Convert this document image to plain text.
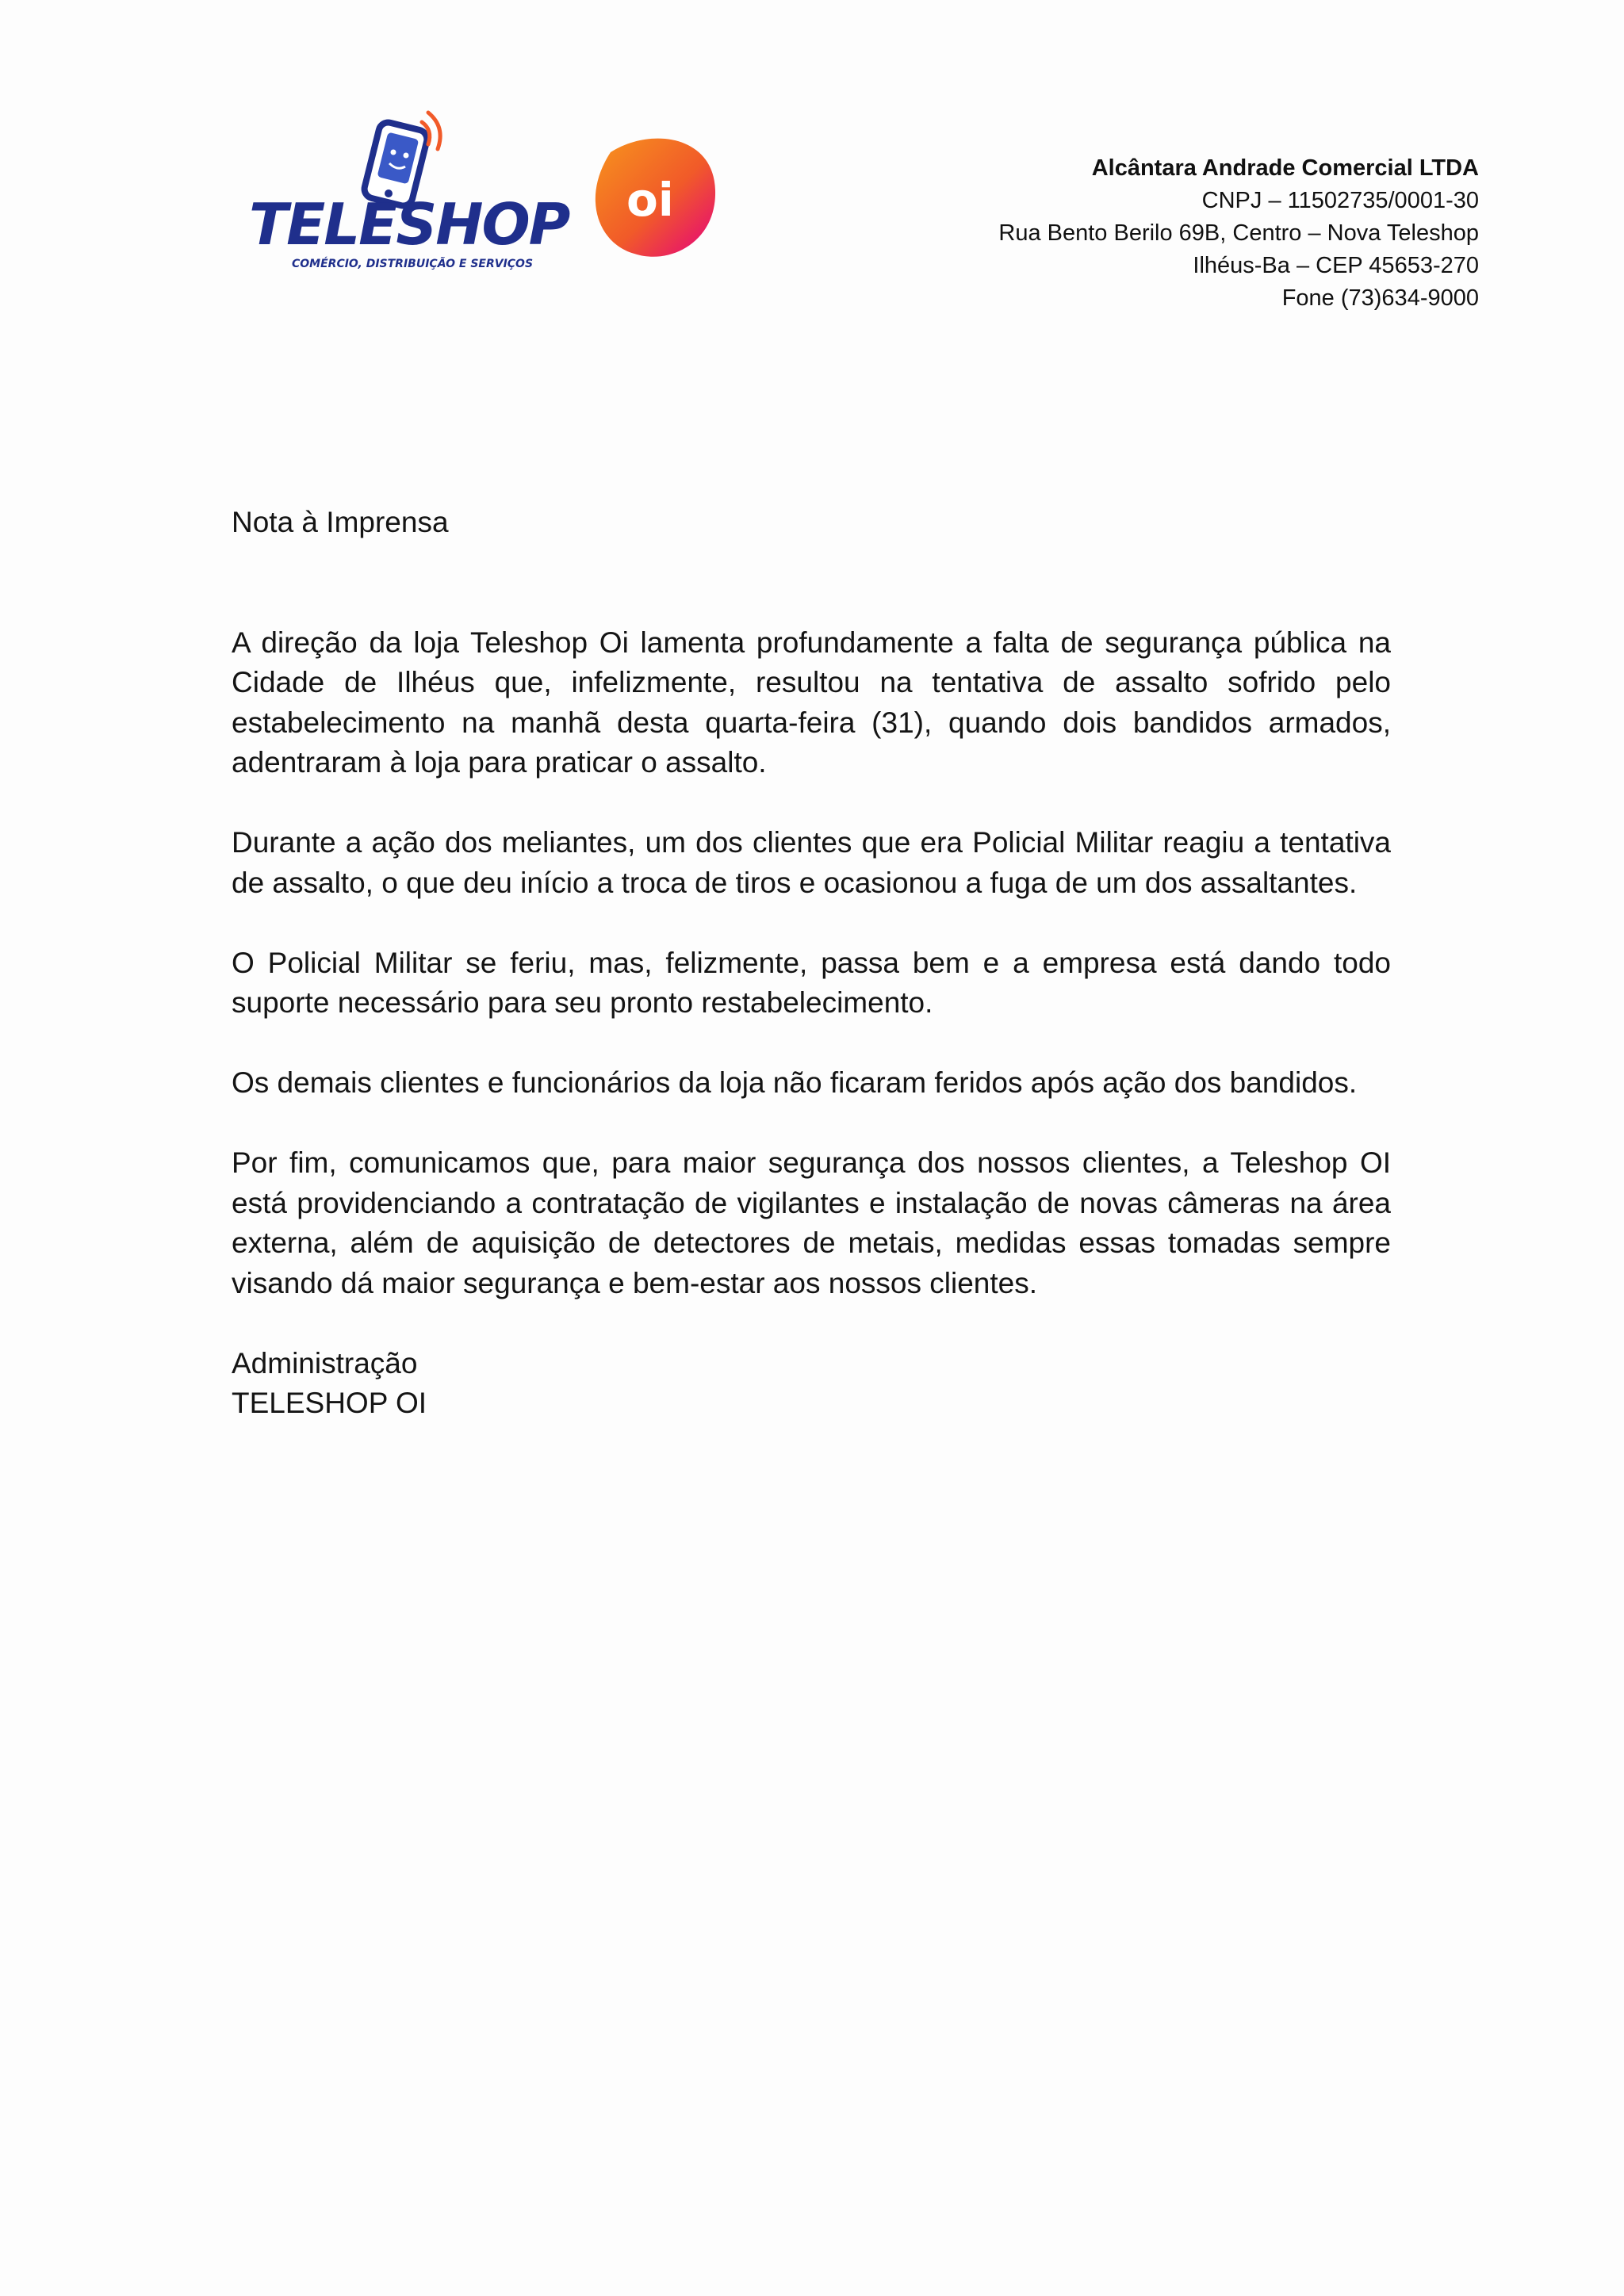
TELESHOP
COMÉRCIO, DISTRIBUIÇÃO E SERVIÇOS
oi
Alcântara Andrade Comercial LTDA
CNPJ – 11502735/0001-30
Rua Bento Berilo 69B, Centro – Nova Teleshop
Ilhéus-Ba – CEP 45653-270
Fone (73)634-9000
Nota à Imprensa

A direção da loja Teleshop Oi lamenta profundamente a falta de segurança pública na Cidade de Ilhéus que, infelizmente, resultou na tentativa de assalto sofrido pelo estabelecimento na manhã desta quarta-feira (31), quando dois bandidos armados, adentraram à loja para praticar o assalto.

Durante a ação dos meliantes, um dos clientes que era Policial Militar reagiu a tentativa de assalto, o que deu início a troca de tiros e ocasionou a fuga de um dos assaltantes.

O Policial Militar se feriu, mas, felizmente, passa bem e a empresa está dando todo suporte necessário para seu pronto restabelecimento.

Os demais clientes e funcionários da loja não ficaram feridos após ação dos bandidos.

Por fim, comunicamos que, para maior segurança dos nossos clientes, a Teleshop OI está providenciando a contratação de vigilantes e instalação de novas câmeras na área externa, além de aquisição de detectores de metais, medidas essas tomadas sempre visando dá maior segurança e bem-estar aos nossos clientes.

Administração
TELESHOP OI
